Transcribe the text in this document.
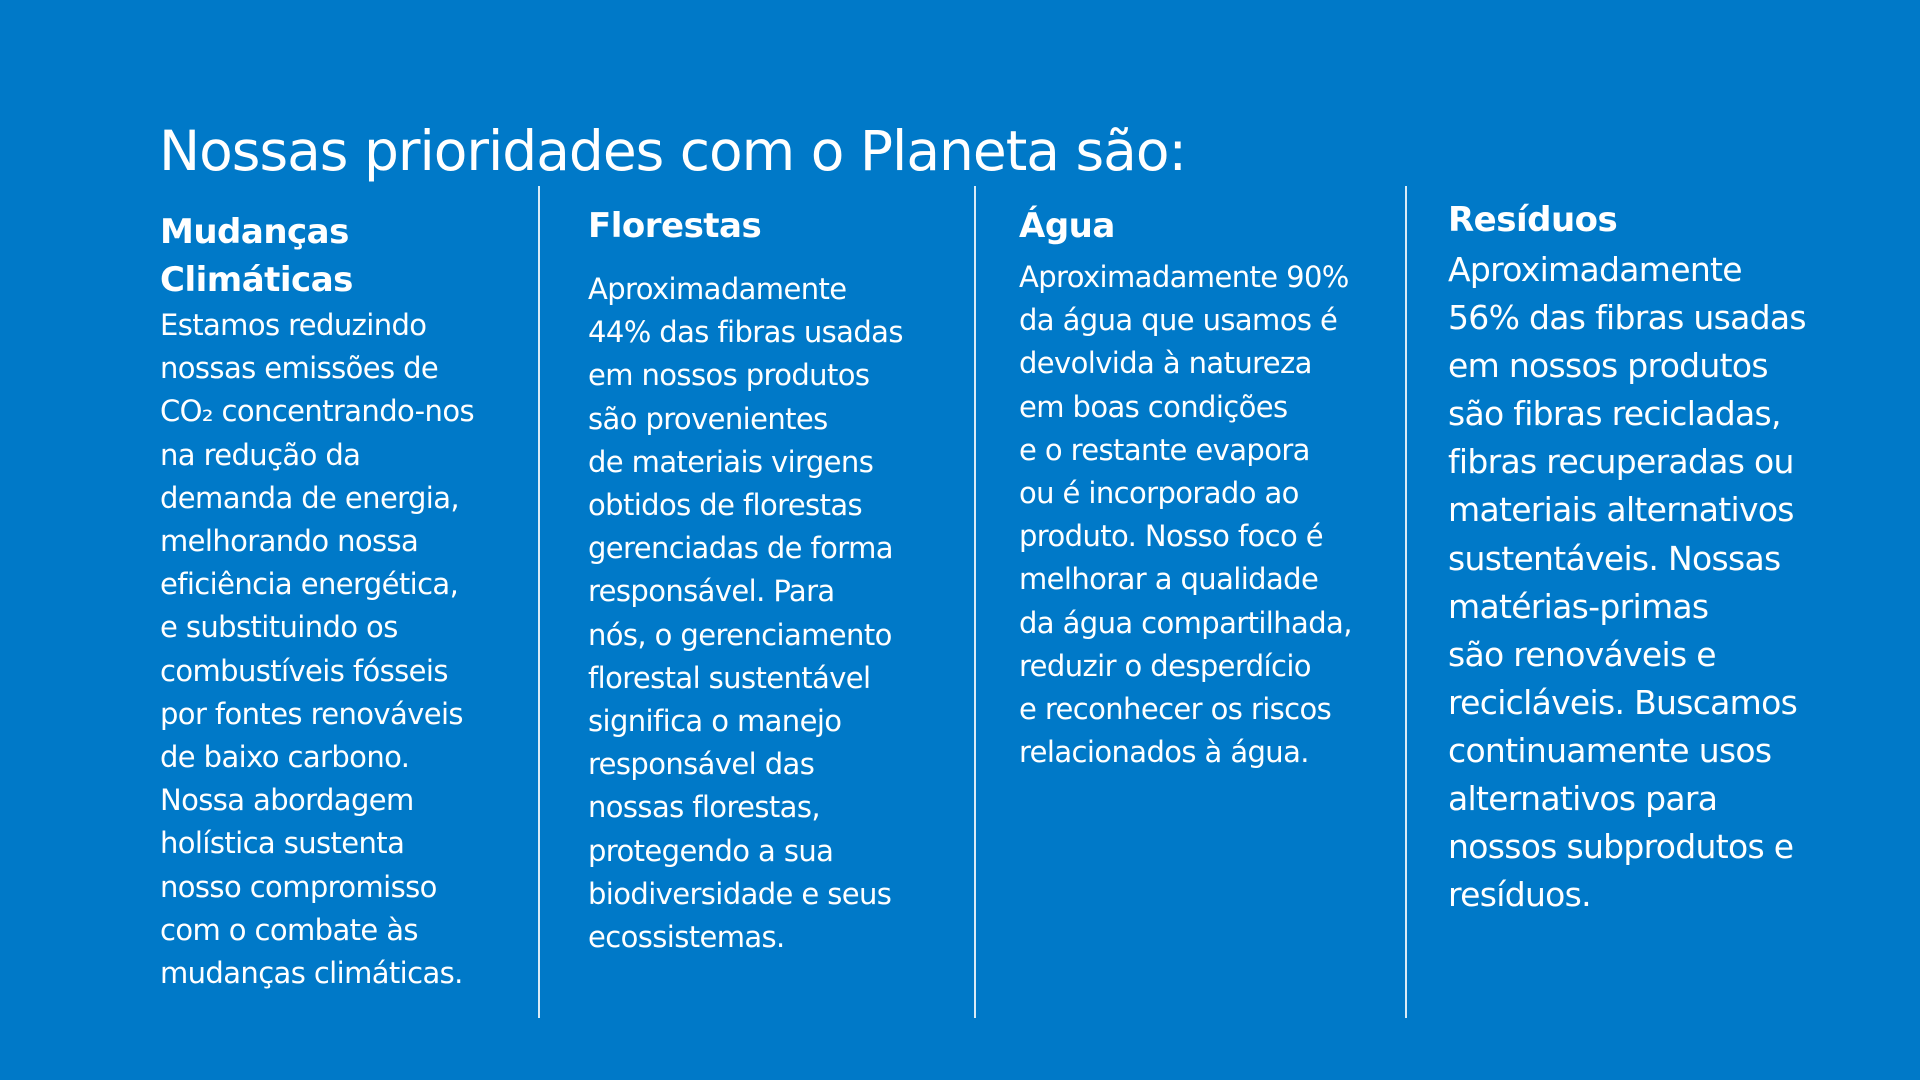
Nossas prioridades com o Planeta são:
Mudanças
Climáticas
Estamos reduzindo
nossas emissões de
CO₂ concentrando-nos
na redução da
demanda de energia,
melhorando nossa
eficiência energética,
e substituindo os
combustíveis fósseis
por fontes renováveis
de baixo carbono.
Nossa abordagem
holística sustenta
nosso compromisso
com o combate às
mudanças climáticas.
Florestas
Aproximadamente
44% das fibras usadas
em nossos produtos
são provenientes
de materiais virgens
obtidos de florestas
gerenciadas de forma
responsável. Para
nós, o gerenciamento
florestal sustentável
significa o manejo
responsável das
nossas florestas,
protegendo a sua
biodiversidade e seus
ecossistemas.
Água
Aproximadamente 90%
da água que usamos é
devolvida à natureza
em boas condições
e o restante evapora
ou é incorporado ao
produto. Nosso foco é
melhorar a qualidade
da água compartilhada,
reduzir o desperdício
e reconhecer os riscos
relacionados à água.
Resíduos
Aproximadamente
56% das fibras usadas
em nossos produtos
são fibras recicladas,
fibras recuperadas ou
materiais alternativos
sustentáveis. Nossas
matérias-primas
são renováveis e
recicláveis. Buscamos
continuamente usos
alternativos para
nossos subprodutos e
resíduos.
